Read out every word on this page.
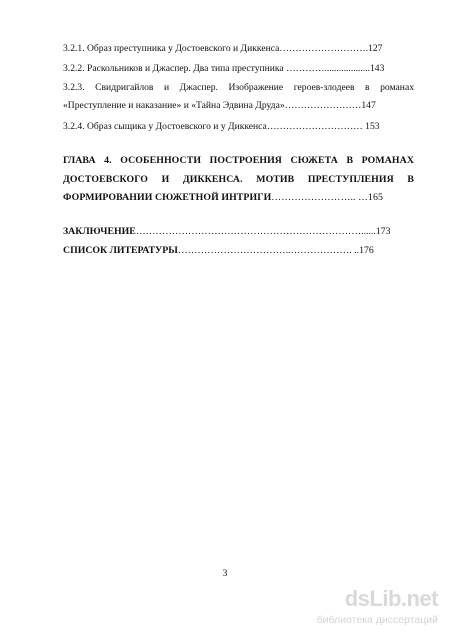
3.2.1. Образ преступника у Достоевского и Диккенса……………………….127
3.2.2. Раскольников и Джаспер. Два типа преступника …………...................143
3.2.3. Свидригайлов и Джаспер. Изображение героев-злодеев в романах
«Преступление и наказание» и «Тайна Эдвина Друда»……………………147
3.2.4. Образ сыщика у Достоевского и у Диккенса………………………… 153
ГЛАВА 4. ОСОБЕННОСТИ ПОСТРОЕНИЯ СЮЖЕТА В РОМАНАХ
ДОСТОЕВСКОГО И ДИККЕНСА. МОТИВ ПРЕСТУПЛЕНИЯ В
ФОРМИРОВАНИИ СЮЖЕТНОЙ ИНТРИГИ…………………….. …165
ЗАКЛЮЧЕНИЕ……………………………………………………………......173
СПИСОК ЛИТЕРАТУРЫ……………………………..………………. ..176
3
dsLib.net
библиотека диссертаций
